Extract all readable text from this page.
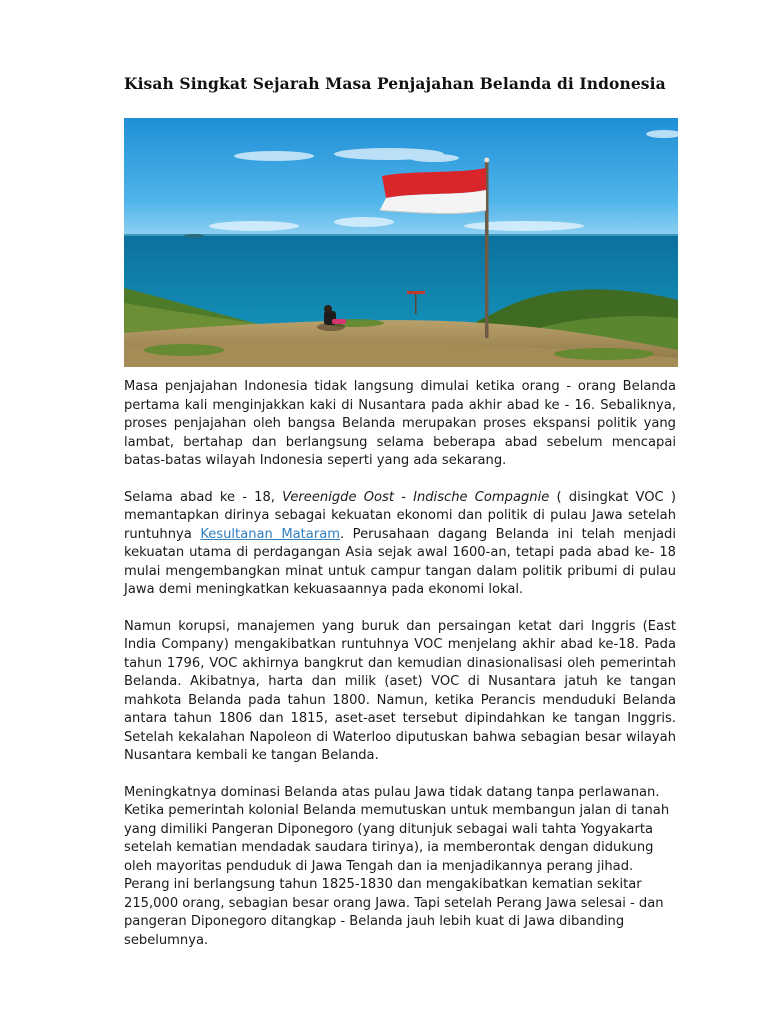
Kisah Singkat Sejarah Masa Penjajahan Belanda di Indonesia

Masa penjajahan Indonesia tidak langsung dimulai ketika orang - orang Belanda pertama kali menginjakkan kaki di Nusantara pada akhir abad ke - 16. Sebaliknya, proses penjajahan oleh bangsa Belanda merupakan proses ekspansi politik yang lambat, bertahap dan berlangsung selama beberapa abad sebelum mencapai batas-batas wilayah Indonesia seperti yang ada sekarang.

Selama abad ke - 18, Vereenigde Oost - Indische Compagnie ( disingkat VOC ) memantapkan dirinya sebagai kekuatan ekonomi dan politik di pulau Jawa setelah runtuhnya Kesultanan Mataram. Perusahaan dagang Belanda ini telah menjadi kekuatan utama di perdagangan Asia sejak awal 1600-an, tetapi pada abad ke- 18 mulai mengembangkan minat untuk campur tangan dalam politik pribumi di pulau Jawa demi meningkatkan kekuasaannya pada ekonomi lokal.

Namun korupsi, manajemen yang buruk dan persaingan ketat dari Inggris (East India Company) mengakibatkan runtuhnya VOC menjelang akhir abad ke-18. Pada tahun 1796, VOC akhirnya bangkrut dan kemudian dinasionalisasi oleh pemerintah Belanda. Akibatnya, harta dan milik (aset) VOC di Nusantara jatuh ke tangan mahkota Belanda pada tahun 1800. Namun, ketika Perancis menduduki Belanda antara tahun 1806 dan 1815, aset-aset tersebut dipindahkan ke tangan Inggris. Setelah kekalahan Napoleon di Waterloo diputuskan bahwa sebagian besar wilayah Nusantara kembali ke tangan Belanda.

Meningkatnya dominasi Belanda atas pulau Jawa tidak datang tanpa perlawanan. Ketika pemerintah kolonial Belanda memutuskan untuk membangun jalan di tanah yang dimiliki Pangeran Diponegoro (yang ditunjuk sebagai wali tahta Yogyakarta setelah kematian mendadak saudara tirinya), ia memberontak dengan didukung oleh mayoritas penduduk di Jawa Tengah dan ia menjadikannya perang jihad. Perang ini berlangsung tahun 1825-1830 dan mengakibatkan kematian sekitar 215,000 orang, sebagian besar orang Jawa. Tapi setelah Perang Jawa selesai - dan pangeran Diponegoro ditangkap - Belanda jauh lebih kuat di Jawa dibanding sebelumnya.
